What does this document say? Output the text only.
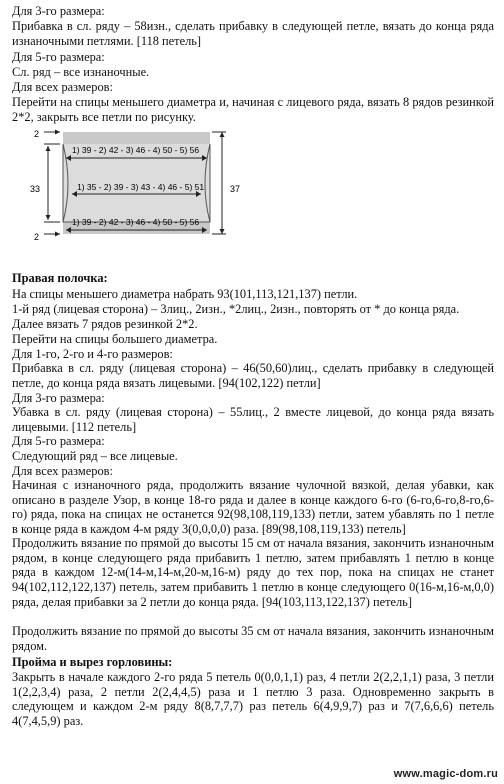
Для 3-го размера:
Прибавка в сл. ряду – 58изн., сделать прибавку в следующей петле, вязать до конца ряда изнаночными петлями. [118 петель]
Для 5-го размера:
Сл. ряд – все изнаночные.
Для всех размеров:
Перейти на спицы меньшего диаметра и, начиная с лицевого ряда, вязать 8 рядов резинкой 2*2, закрыть все петли по рисунку.
1) 39 - 2) 42 - 3) 46 - 4) 50 - 5) 56
1) 35 - 2) 39 - 3) 43 - 4) 46 - 5) 51
1) 39 - 2) 42 - 3) 46 - 4) 50 - 5) 56
2
2
33	37
Правая полочка:
На спицы меньшего диаметра набрать 93(101,113,121,137) петли.
1-й ряд (лицевая сторона) – 3лиц., 2изн., *2лиц., 2изн., повторять от * до конца ряда.
Далее вязать 7 рядов резинкой 2*2.
Перейти на спицы большего диаметра.
Для 1-го, 2-го и 4-го размеров:
Прибавка в сл. ряду (лицевая сторона) – 46(50,60)лиц., сделать прибавку в следующей петле, до конца ряда вязать лицевыми. [94(102,122) петли]
Для 3-го размера:
Убавка в сл. ряду (лицевая сторона) – 55лиц., 2 вместе лицевой, до конца ряда вязать лицевыми. [112 петель]
Для 5-го размера:
Следующий ряд – все лицевые.
Для всех размеров:
Начиная с изнаночного ряда, продолжить вязание чулочной вязкой, делая убавки, как описано в разделе Узор, в конце 18-го ряда и далее в конце каждого 6-го (6-го,6-го,8-го,6-го) ряда, пока на спицах не останется 92(98,108,119,133) петли, затем убавлять по 1 петле в конце ряда в каждом 4-м ряду 3(0,0,0,0) раза. [89(98,108,119,133) петель]
Продолжить вязание по прямой до высоты 15 см от начала вязания, закончить изнаночным рядом, в конце следующего ряда прибавить 1 петлю, затем прибавлять 1 петлю в конце ряда в каждом 12-м(14-м,14-м,20-м,16-м) ряду до тех пор, пока на спицах не станет 94(102,112,122,137) петель, затем прибавить 1 петлю в конце следующего 0(16-м,16-м,0,0) ряда, делая прибавки за 2 петли до конца ряда. [94(103,113,122,137) петель]
Продолжить вязание по прямой до высоты 35 см от начала вязания, закончить изнаночным рядом.
Пройма и вырез горловины:
Закрыть в начале каждого 2-го ряда 5 петель 0(0,0,1,1) раз, 4 петли 2(2,2,1,1) раза, 3 петли 1(2,2,3,4) раза, 2 петли 2(2,4,4,5) раза и 1 петлю 3 раза. Одновременно закрыть в следующем и каждом 2-м ряду 8(8,7,7,7) раз петель 6(4,9,9,7) раз и 7(7,6,6,6) петель 4(7,4,5,9) раз.
www.magic-dom.ru
